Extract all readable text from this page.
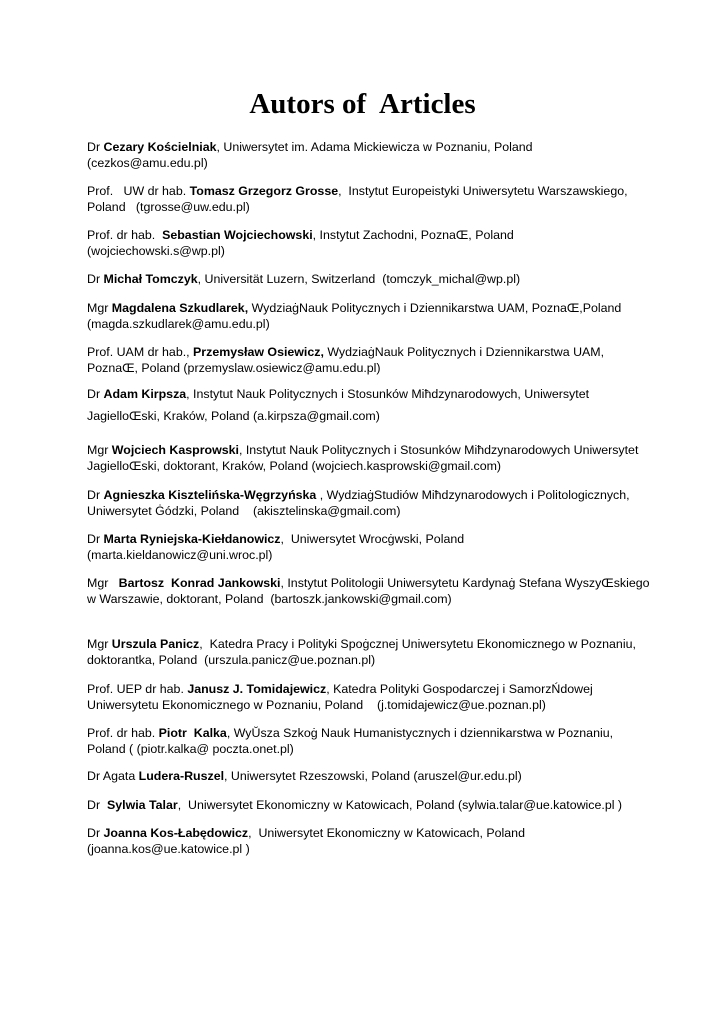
Autors of  Articles

Dr Cezary Kościelniak, Uniwersytet im. Adama Mickiewicza w Poznaniu, Poland
(cezkos@amu.edu.pl)

Prof.   UW dr hab. Tomasz Grzegorz Grosse,  Instytut Europeistyki Uniwersytetu Warszawskiego,
Poland   (tgrosse@uw.edu.pl)

Prof. dr hab.  Sebastian Wojciechowski, Instytut Zachodni, PoznaŒ, Poland
(wojciechowski.s@wp.pl)

Dr Michał Tomczyk, Universität Luzern, Switzerland  (tomczyk_michal@wp.pl)

Mgr Magdalena Szkudlarek, WydziaġNauk Politycznych i Dziennikarstwa UAM, PoznaŒ,Poland
(magda.szkudlarek@amu.edu.pl)

Prof. UAM dr hab., Przemysław Osiewicz, WydziaġNauk Politycznych i Dziennikarstwa UAM,
PoznaŒ, Poland (przemyslaw.osiewicz@amu.edu.pl)

Dr Adam Kirpsza, Instytut Nauk Politycznych i Stosunków Miħdzynarodowych, Uniwersytet
JagielloŒski, Kraków, Poland (a.kirpsza@gmail.com)

Mgr Wojciech Kasprowski, Instytut Nauk Politycznych i Stosunków Miħdzynarodowych Uniwersytet
JagielloŒski, doktorant, Kraków, Poland (wojciech.kasprowski@gmail.com)

Dr Agnieszka Kisztelińska-Węgrzyńska , WydziaġStudiów Miħdzynarodowych i Politologicznych,
Uniwersytet Ġódzki, Poland    (akisztelinska@gmail.com)

Dr Marta Ryniejska-Kiełdanowicz,  Uniwersytet Wrocġwski, Poland
(marta.kieldanowicz@uni.wroc.pl)

Mgr   Bartosz  Konrad Jankowski, Instytut Politologii Uniwersytetu Kardynaġ Stefana WyszyŒskiego
w Warszawie, doktorant, Poland  (bartoszk.jankowski@gmail.com)

Mgr Urszula Panicz,  Katedra Pracy i Polityki Spoġcznej Uniwersytetu Ekonomicznego w Poznaniu,
doktorantka, Poland  (urszula.panicz@ue.poznan.pl)

Prof. UEP dr hab. Janusz J. Tomidajewicz, Katedra Polityki Gospodarczej i SamorzŃdowej
Uniwersytetu Ekonomicznego w Poznaniu, Poland    (j.tomidajewicz@ue.poznan.pl)

Prof. dr hab. Piotr  Kalka, WyŬsza Szkoġ Nauk Humanistycznych i dziennikarstwa w Poznaniu,
Poland ( (piotr.kalka@ poczta.onet.pl)

Dr Agata Ludera-Ruszel, Uniwersytet Rzeszowski, Poland (aruszel@ur.edu.pl)

Dr  Sylwia Talar,  Uniwersytet Ekonomiczny w Katowicach, Poland (sylwia.talar@ue.katowice.pl )

Dr Joanna Kos-Łabędowicz,  Uniwersytet Ekonomiczny w Katowicach, Poland
(joanna.kos@ue.katowice.pl )
